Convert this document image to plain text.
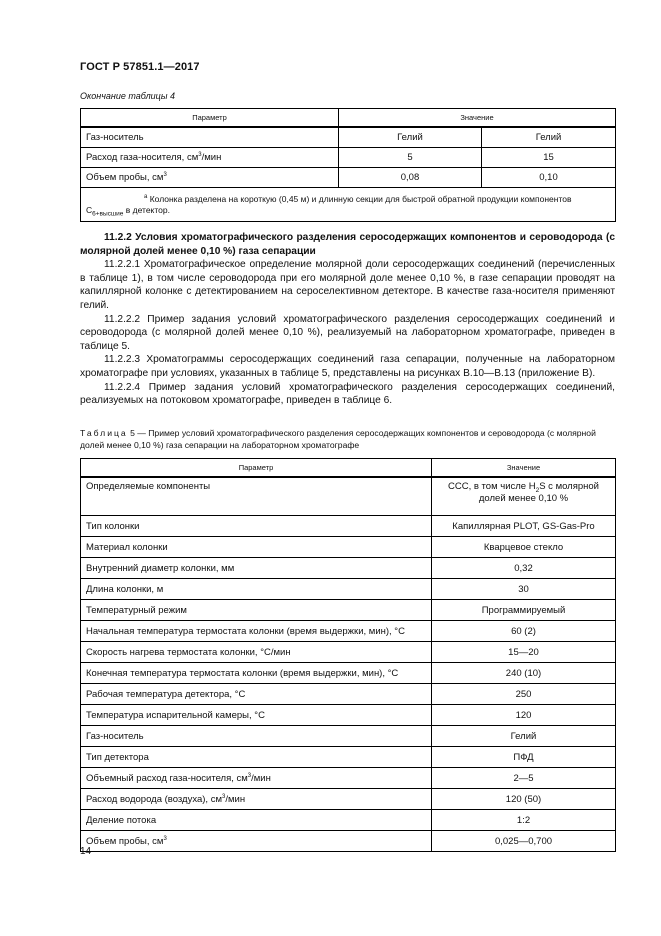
ГОСТ Р 57851.1—2017
Окончание таблицы 4
Параметр	Значение	
Газ-носитель	Гелий	Гелий
Расход газа-носителя, $см^3$/мин	5	15
Объем пробы, $см^3$	0,08	0,10
$^а$ Колонка разделена на короткую (0,45 м) и длинную секции для быстрой обратной продукции компонентов
$С_{6+высшие}$ в детектор.		

11.2.2 Условия хроматографического разделения серосодержащих компонентов и сероводорода (с молярной долей менее 0,10 %) газа сепарации

11.2.2.1 Хроматографическое определение молярной доли серосодержащих соединений (перечисленных в таблице 1), в том числе сероводорода при его молярной доле менее 0,10 %, в газе сепарации проводят на капиллярной колонке с детектированием на сероселективном детекторе. В качестве газа-носителя применяют гелий.

11.2.2.2 Пример задания условий хроматографического разделения серосодержащих соединений и сероводорода (с молярной долей менее 0,10 %), реализуемый на лабораторном хроматографе, приведен в таблице 5.

11.2.2.3 Хроматограммы серосодержащих соединений газа сепарации, полученные на лабораторном хроматографе при условиях, указанных в таблице 5, представлены на рисунках В.10—В.13 (приложение В).

11.2.2.4 Пример задания условий хроматографического разделения серосодержащих соединений, реализуемых на потоковом хроматографе, приведен в таблице 6.

Таблица 5 — Пример условий хроматографического разделения серосодержащих компонентов и сероводорода (с молярной долей менее 0,10 %) газа сепарации на лабораторном хроматографе
Параметр	Значение
Определяемые компоненты	ССС, в том числе $H_2S$ с молярной долей менее 0,10 %
Тип колонки	Капиллярная PLOT, GS-Gas-Pro
Материал колонки	Кварцевое стекло
Внутренний диаметр колонки, мм	0,32
Длина колонки, м	30
Температурный режим	Программируемый
Начальная температура термостата колонки (время выдержки, мин), °С	60 (2)
Скорость нагрева термостата колонки, °С/мин	15—20
Конечная температура термостата колонки (время выдержки, мин), °С	240 (10)
Рабочая температура детектора, °С	250
Температура испарительной камеры, °С	120
Газ-носитель	Гелий
Тип детектора	ПФД
Объемный расход газа-носителя, $см^3$/мин	2—5
Расход водорода (воздуха), $см^3$/мин	120 (50)
Деление потока	1:2
Объем пробы, $см^3$	0,025—0,700
14
